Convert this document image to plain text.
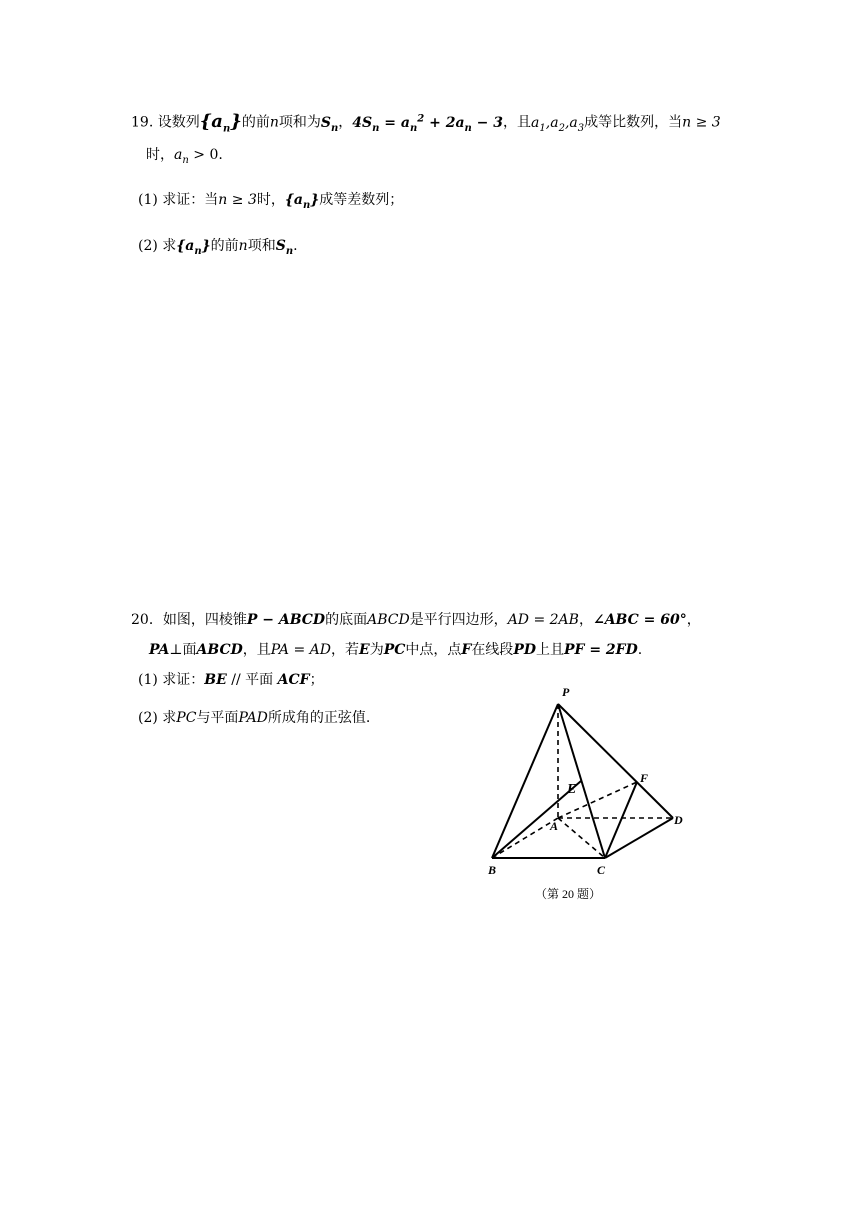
19. 设数列$\{a_n\}$的前n项和为$S_n$，$4S_n = a_n^2 + 2a_n - 3$，且$a_1,a_2,a_3$成等比数列，当n ≥ 3
时，$a_n > 0$.
(1) 求证：当n ≥ 3时，$\{a_n\}$成等差数列；
(2) 求$\{a_n\}$的前n项和$S_n$.
20．如图，四棱锥P − ABCD的底面ABCD是平行四边形，AD = 2AB，∠ABC = 60°，
PA⊥面ABCD，且PA = AD，若E为PC中点，点F在线段PD上且PF = 2FD.
(1) 求证：BE // 平面 ACF；
(2) 求PC与平面PAD所成角的正弦值.
P
E
F
A	D
B	C
（第 20 题）
